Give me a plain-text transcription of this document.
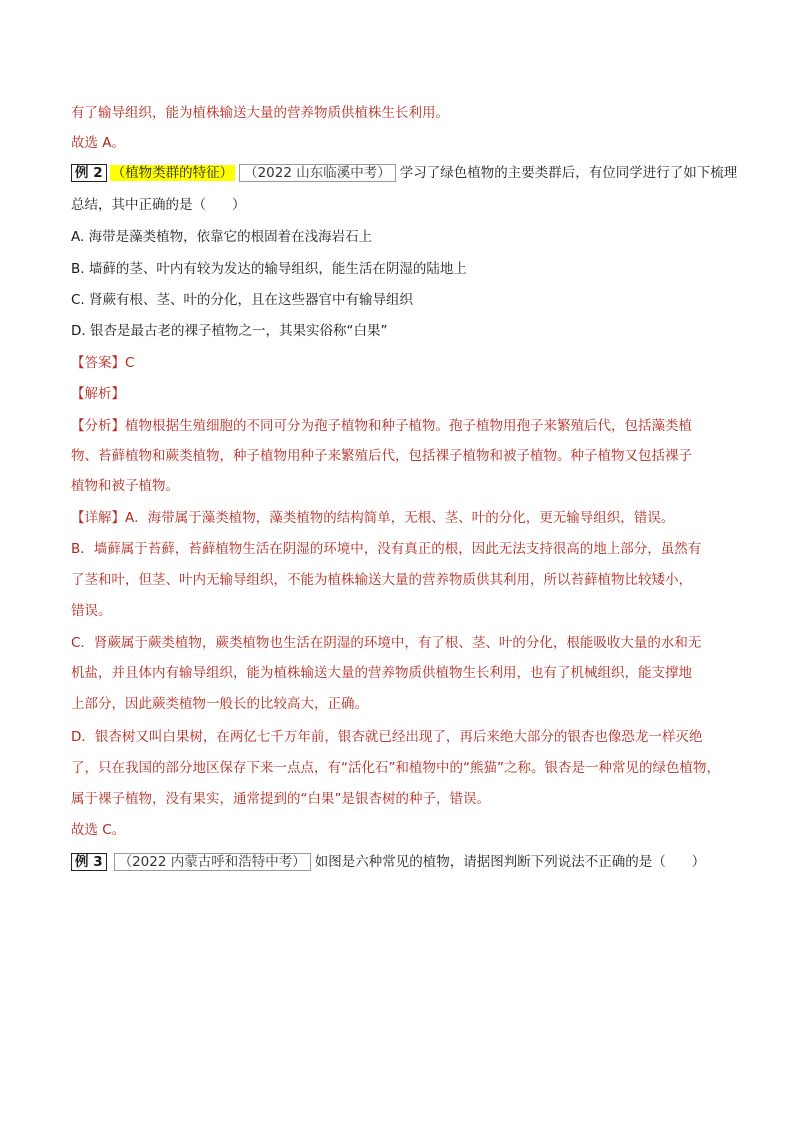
有了输导组织，能为植株输送大量的营养物质供植株生长利用。
故选 A。
例 2 （植物类群的特征） （2022 山东临溪中考） 学习了绿色植物的主要类群后，有位同学进行了如下梳理
总结，其中正确的是（ ）
A. 海带是藻类植物，依靠它的根固着在浅海岩石上
B. 墙藓的茎、叶内有较为发达的输导组织，能生活在阴湿的陆地上
C. 肾蕨有根、茎、叶的分化，且在这些器官中有输导组织
D. 银杏是最古老的裸子植物之一，其果实俗称“白果”
【答案】C
【解析】
【分析】植物根据生殖细胞的不同可分为孢子植物和种子植物。孢子植物用孢子来繁殖后代，包括藻类植
物、苔藓植物和蕨类植物，种子植物用种子来繁殖后代，包括裸子植物和被子植物。种子植物又包括裸子
植物和被子植物。
【详解】A．海带属于藻类植物，藻类植物的结构简单，无根、茎、叶的分化，更无输导组织，错误。
B．墙藓属于苔藓，苔藓植物生活在阴湿的环境中，没有真正的根，因此无法支持很高的地上部分，虽然有
了茎和叶，但茎、叶内无输导组织，不能为植株输送大量的营养物质供其利用，所以苔藓植物比较矮小，
错误。
C．肾蕨属于蕨类植物，蕨类植物也生活在阴湿的环境中，有了根、茎、叶的分化，根能吸收大量的水和无
机盐，并且体内有输导组织，能为植株输送大量的营养物质供植物生长利用，也有了机械组织，能支撑地
上部分，因此蕨类植物一般长的比较高大，正确。
D．银杏树又叫白果树，在两亿七千万年前，银杏就已经出现了，再后来绝大部分的银杏也像恐龙一样灭绝
了，只在我国的部分地区保存下来一点点，有“活化石”和植物中的“熊猫”之称。银杏是一种常见的绿色植物，
属于裸子植物，没有果实，通常提到的“白果”是银杏树的种子，错误。
故选 C。
例 3 （2022 内蒙古呼和浩特中考） 如图是六种常见的植物，请据图判断下列说法不正确的是（ ）
